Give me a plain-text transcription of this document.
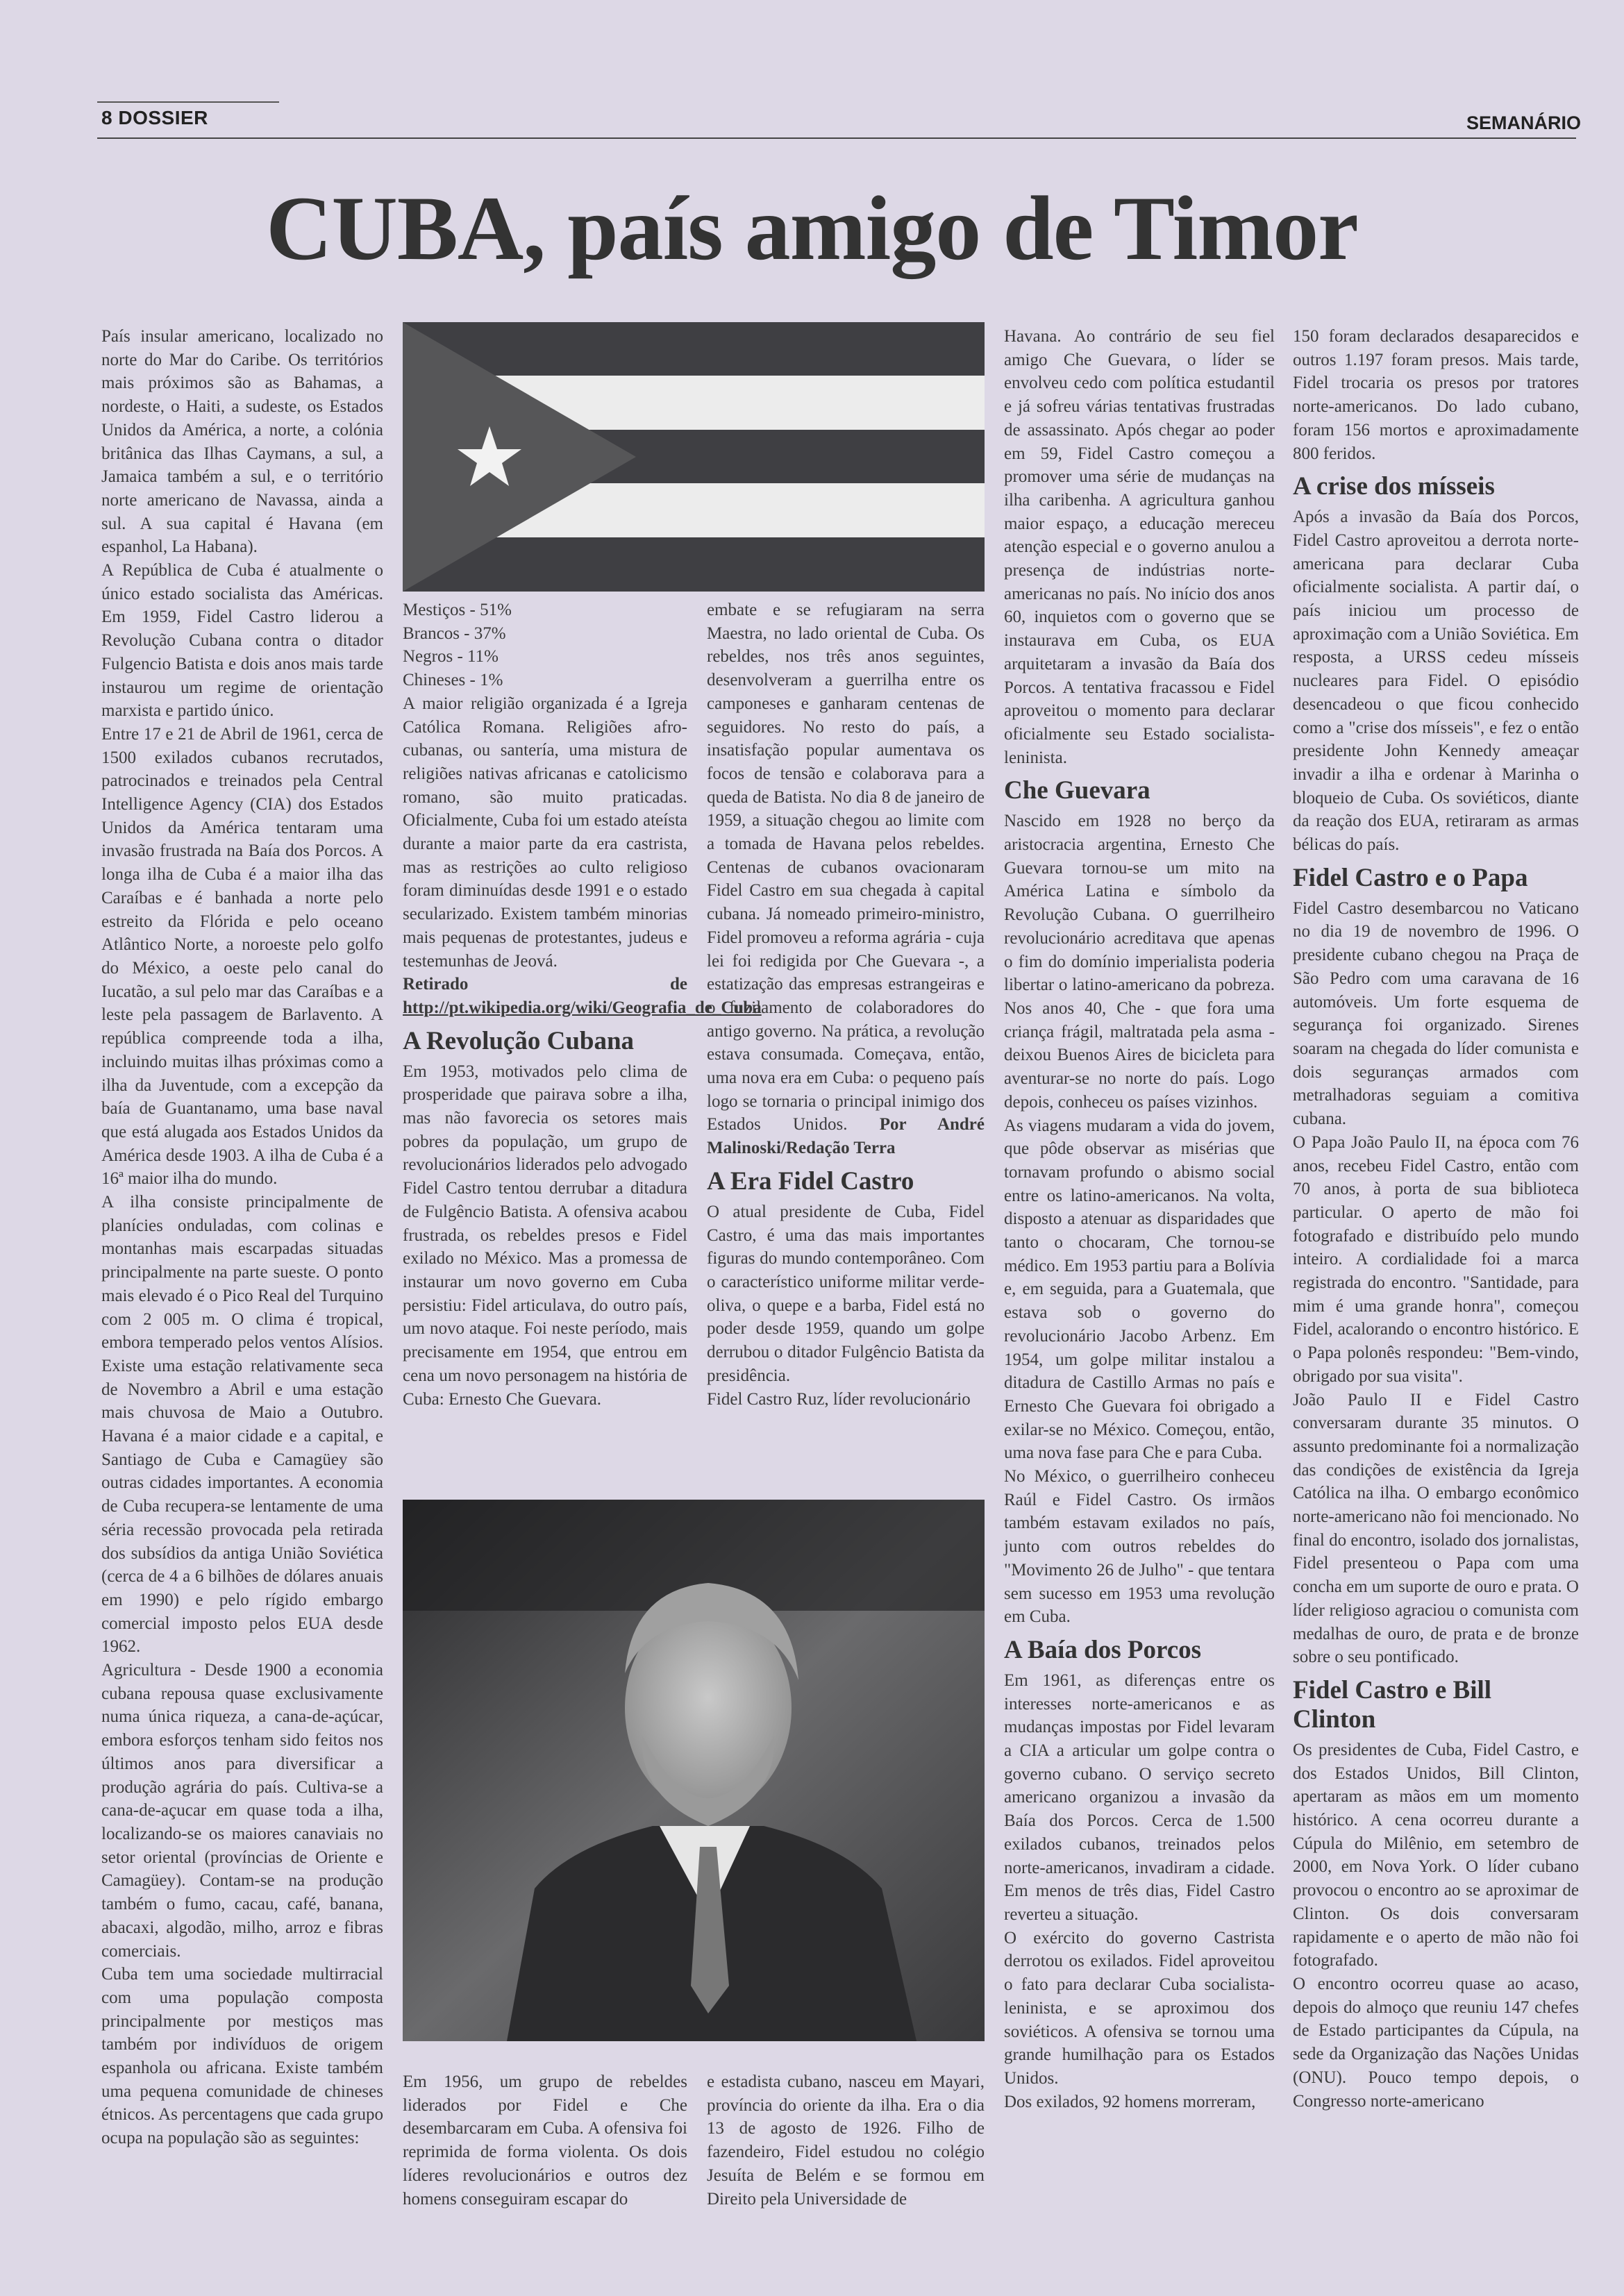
8 DOSSIER	SEMANÁRIO
CUBA, país amigo de Timor

País insular americano, localizado no norte do Mar do Caribe. Os territórios mais próximos são as Bahamas, a nordeste, o Haiti, a sudeste, os Estados Unidos da América, a norte, a colónia britânica das Ilhas Caymans, a sul, a Jamaica também a sul, e o território norte americano de Navassa, ainda a sul. A sua capital é Havana (em espanhol, La Habana).

A República de Cuba é atualmente o único estado socialista das Américas. Em 1959, Fidel Castro liderou a Revolução Cubana contra o ditador Fulgencio Batista e dois anos mais tarde instaurou um regime de orientação marxista e partido único.

Entre 17 e 21 de Abril de 1961, cerca de 1500 exilados cubanos recrutados, patrocinados e treinados pela Central Intelligence Agency (CIA) dos Estados Unidos da América tentaram uma invasão frustrada na Baía dos Porcos. A longa ilha de Cuba é a maior ilha das Caraíbas e é banhada a norte pelo estreito da Flórida e pelo oceano Atlântico Norte, a noroeste pelo golfo do México, a oeste pelo canal do Iucatão, a sul pelo mar das Caraíbas e a leste pela passagem de Barlavento. A república compreende toda a ilha, incluindo muitas ilhas próximas como a ilha da Juventude, com a excepção da baía de Guantanamo, uma base naval que está alugada aos Estados Unidos da América desde 1903. A ilha de Cuba é a 16ª maior ilha do mundo.

A ilha consiste principalmente de planícies onduladas, com colinas e montanhas mais escarpadas situadas principalmente na parte sueste. O ponto mais elevado é o Pico Real del Turquino com 2 005 m. O clima é tropical, embora temperado pelos ventos Alísios. Existe uma estação relativamente seca de Novembro a Abril e uma estação mais chuvosa de Maio a Outubro. Havana é a maior cidade e a capital, e Santiago de Cuba e Camagüey são outras cidades importantes. A economia de Cuba recupera-se lentamente de uma séria recessão provocada pela retirada dos subsídios da antiga União Soviética (cerca de 4 a 6 bilhões de dólares anuais em 1990) e pelo rígido embargo comercial imposto pelos EUA desde 1962.

Agricultura - Desde 1900 a economia cubana repousa quase exclusivamente numa única riqueza, a cana-de-açúcar, embora esforços tenham sido feitos nos últimos anos para diversificar a produção agrária do país. Cultiva-se a cana-de-açucar em quase toda a ilha, localizando-se os maiores canaviais no setor oriental (províncias de Oriente e Camagüey). Contam-se na produção também o fumo, cacau, café, banana, abacaxi, algodão, milho, arroz e fibras comerciais.

Cuba tem uma sociedade multirracial com uma população composta principalmente por mestiços mas também por indivíduos de origem espanhola ou africana. Existe também uma pequena comunidade de chineses étnicos. As percentagens que cada grupo ocupa na população são as seguintes:

Mestiços - 51%

Brancos - 37%

Negros - 11%

Chineses - 1%

A maior religião organizada é a Igreja Católica Romana. Religiões afro-cubanas, ou santería, uma mistura de religiões nativas africanas e catolicismo romano, são muito praticadas. Oficialmente, Cuba foi um estado ateísta durante a maior parte da era castrista, mas as restrições ao culto religioso foram diminuídas desde 1991 e o estado secularizado. Existem também minorias mais pequenas de protestantes, judeus e testemunhas de Jeová.

Retirado de http://pt.wikipedia.org/wiki/Geografia_de_Cuba

A Revolução Cubana

Em 1953, motivados pelo clima de prosperidade que pairava sobre a ilha, mas não favorecia os setores mais pobres da população, um grupo de revolucionários liderados pelo advogado Fidel Castro tentou derrubar a ditadura de Fulgêncio Batista. A ofensiva acabou frustrada, os rebeldes presos e Fidel exilado no México. Mas a promessa de instaurar um novo governo em Cuba persistiu: Fidel articulava, do outro país, um novo ataque. Foi neste período, mais precisamente em 1954, que entrou em cena um novo personagem na história de Cuba: Ernesto Che Guevara.

embate e se refugiaram na serra Maestra, no lado oriental de Cuba. Os rebeldes, nos três anos seguintes, desenvolveram a guerrilha entre os camponeses e ganharam centenas de seguidores. No resto do país, a insatisfação popular aumentava os focos de tensão e colaborava para a queda de Batista. No dia 8 de janeiro de 1959, a situação chegou ao limite com a tomada de Havana pelos rebeldes. Centenas de cubanos ovacionaram Fidel Castro em sua chegada à capital cubana. Já nomeado primeiro-ministro, Fidel promoveu a reforma agrária - cuja lei foi redigida por Che Guevara -, a estatização das empresas estrangeiras e o fuzilamento de colaboradores do antigo governo. Na prática, a revolução estava consumada. Começava, então, uma nova era em Cuba: o pequeno país logo se tornaria o principal inimigo dos Estados Unidos. Por André Malinoski/Redação Terra

A Era Fidel Castro

O atual presidente de Cuba, Fidel Castro, é uma das mais importantes figuras do mundo contemporâneo. Com o característico uniforme militar verde-oliva, o quepe e a barba, Fidel está no poder desde 1959, quando um golpe derrubou o ditador Fulgêncio Batista da presidência.

Fidel Castro Ruz, líder revolucionário

Em 1956, um grupo de rebeldes liderados por Fidel e Che desembarcaram em Cuba. A ofensiva foi reprimida de forma violenta. Os dois líderes revolucionários e outros dez homens conseguiram escapar do

e estadista cubano, nasceu em Mayari, província do oriente da ilha. Era o dia 13 de agosto de 1926. Filho de fazendeiro, Fidel estudou no colégio Jesuíta de Belém e se formou em Direito pela Universidade de

Havana. Ao contrário de seu fiel amigo Che Guevara, o líder se envolveu cedo com política estudantil e já sofreu várias tentativas frustradas de assassinato. Após chegar ao poder em 59, Fidel Castro começou a promover uma série de mudanças na ilha caribenha. A agricultura ganhou maior espaço, a educação mereceu atenção especial e o governo anulou a presença de indústrias norte-americanas no país. No início dos anos 60, inquietos com o governo que se instaurava em Cuba, os EUA arquitetaram a invasão da Baía dos Porcos. A tentativa fracassou e Fidel aproveitou o momento para declarar oficialmente seu Estado socialista-leninista.

Che Guevara

Nascido em 1928 no berço da aristocracia argentina, Ernesto Che Guevara tornou-se um mito na América Latina e símbolo da Revolução Cubana. O guerrilheiro revolucionário acreditava que apenas o fim do domínio imperialista poderia libertar o latino-americano da pobreza. Nos anos 40, Che - que fora uma criança frágil, maltratada pela asma - deixou Buenos Aires de bicicleta para aventurar-se no norte do país. Logo depois, conheceu os países vizinhos.

As viagens mudaram a vida do jovem, que pôde observar as misérias que tornavam profundo o abismo social entre os latino-americanos. Na volta, disposto a atenuar as disparidades que tanto o chocaram, Che tornou-se médico. Em 1953 partiu para a Bolívia e, em seguida, para a Guatemala, que estava sob o governo do revolucionário Jacobo Arbenz. Em 1954, um golpe militar instalou a ditadura de Castillo Armas no país e Ernesto Che Guevara foi obrigado a exilar-se no México. Começou, então, uma nova fase para Che e para Cuba.

No México, o guerrilheiro conheceu Raúl e Fidel Castro. Os irmãos também estavam exilados no país, junto com outros rebeldes do "Movimento 26 de Julho" - que tentara sem sucesso em 1953 uma revolução em Cuba.

A Baía dos Porcos

Em 1961, as diferenças entre os interesses norte-americanos e as mudanças impostas por Fidel levaram a CIA a articular um golpe contra o governo cubano. O serviço secreto americano organizou a invasão da Baía dos Porcos. Cerca de 1.500 exilados cubanos, treinados pelos norte-americanos, invadiram a cidade. Em menos de três dias, Fidel Castro reverteu a situação.

O exército do governo Castrista derrotou os exilados. Fidel aproveitou o fato para declarar Cuba socialista-leninista, e se aproximou dos soviéticos. A ofensiva se tornou uma grande humilhação para os Estados Unidos.

Dos exilados, 92 homens morreram,

150 foram declarados desaparecidos e outros 1.197 foram presos. Mais tarde, Fidel trocaria os presos por tratores norte-americanos. Do lado cubano, foram 156 mortos e aproximadamente 800 feridos.

A crise dos mísseis

Após a invasão da Baía dos Porcos, Fidel Castro aproveitou a derrota norte-americana para declarar Cuba oficialmente socialista. A partir daí, o país iniciou um processo de aproximação com a União Soviética. Em resposta, a URSS cedeu mísseis nucleares para Fidel. O episódio desencadeou o que ficou conhecido como a "crise dos mísseis", e fez o então presidente John Kennedy ameaçar invadir a ilha e ordenar à Marinha o bloqueio de Cuba. Os soviéticos, diante da reação dos EUA, retiraram as armas bélicas do país.

Fidel Castro e o Papa

Fidel Castro desembarcou no Vaticano no dia 19 de novembro de 1996. O presidente cubano chegou na Praça de São Pedro com uma caravana de 16 automóveis. Um forte esquema de segurança foi organizado. Sirenes soaram na chegada do líder comunista e dois seguranças armados com metralhadoras seguiam a comitiva cubana.

O Papa João Paulo II, na época com 76 anos, recebeu Fidel Castro, então com 70 anos, à porta de sua biblioteca particular. O aperto de mão foi fotografado e distribuído pelo mundo inteiro. A cordialidade foi a marca registrada do encontro. "Santidade, para mim é uma grande honra", começou Fidel, acalorando o encontro histórico. E o Papa polonês respondeu: "Bem-vindo, obrigado por sua visita".

João Paulo II e Fidel Castro conversaram durante 35 minutos. O assunto predominante foi a normalização das condições de existência da Igreja Católica na ilha. O embargo econômico norte-americano não foi mencionado. No final do encontro, isolado dos jornalistas, Fidel presenteou o Papa com uma concha em um suporte de ouro e prata. O líder religioso agraciou o comunista com medalhas de ouro, de prata e de bronze sobre o seu pontificado.

Fidel Castro e Bill Clinton

Os presidentes de Cuba, Fidel Castro, e dos Estados Unidos, Bill Clinton, apertaram as mãos em um momento histórico. A cena ocorreu durante a Cúpula do Milênio, em setembro de 2000, em Nova York. O líder cubano provocou o encontro ao se aproximar de Clinton. Os dois conversaram rapidamente e o aperto de mão não foi fotografado.

O encontro ocorreu quase ao acaso, depois do almoço que reuniu 147 chefes de Estado participantes da Cúpula, na sede da Organização das Nações Unidas (ONU). Pouco tempo depois, o Congresso norte-americano
